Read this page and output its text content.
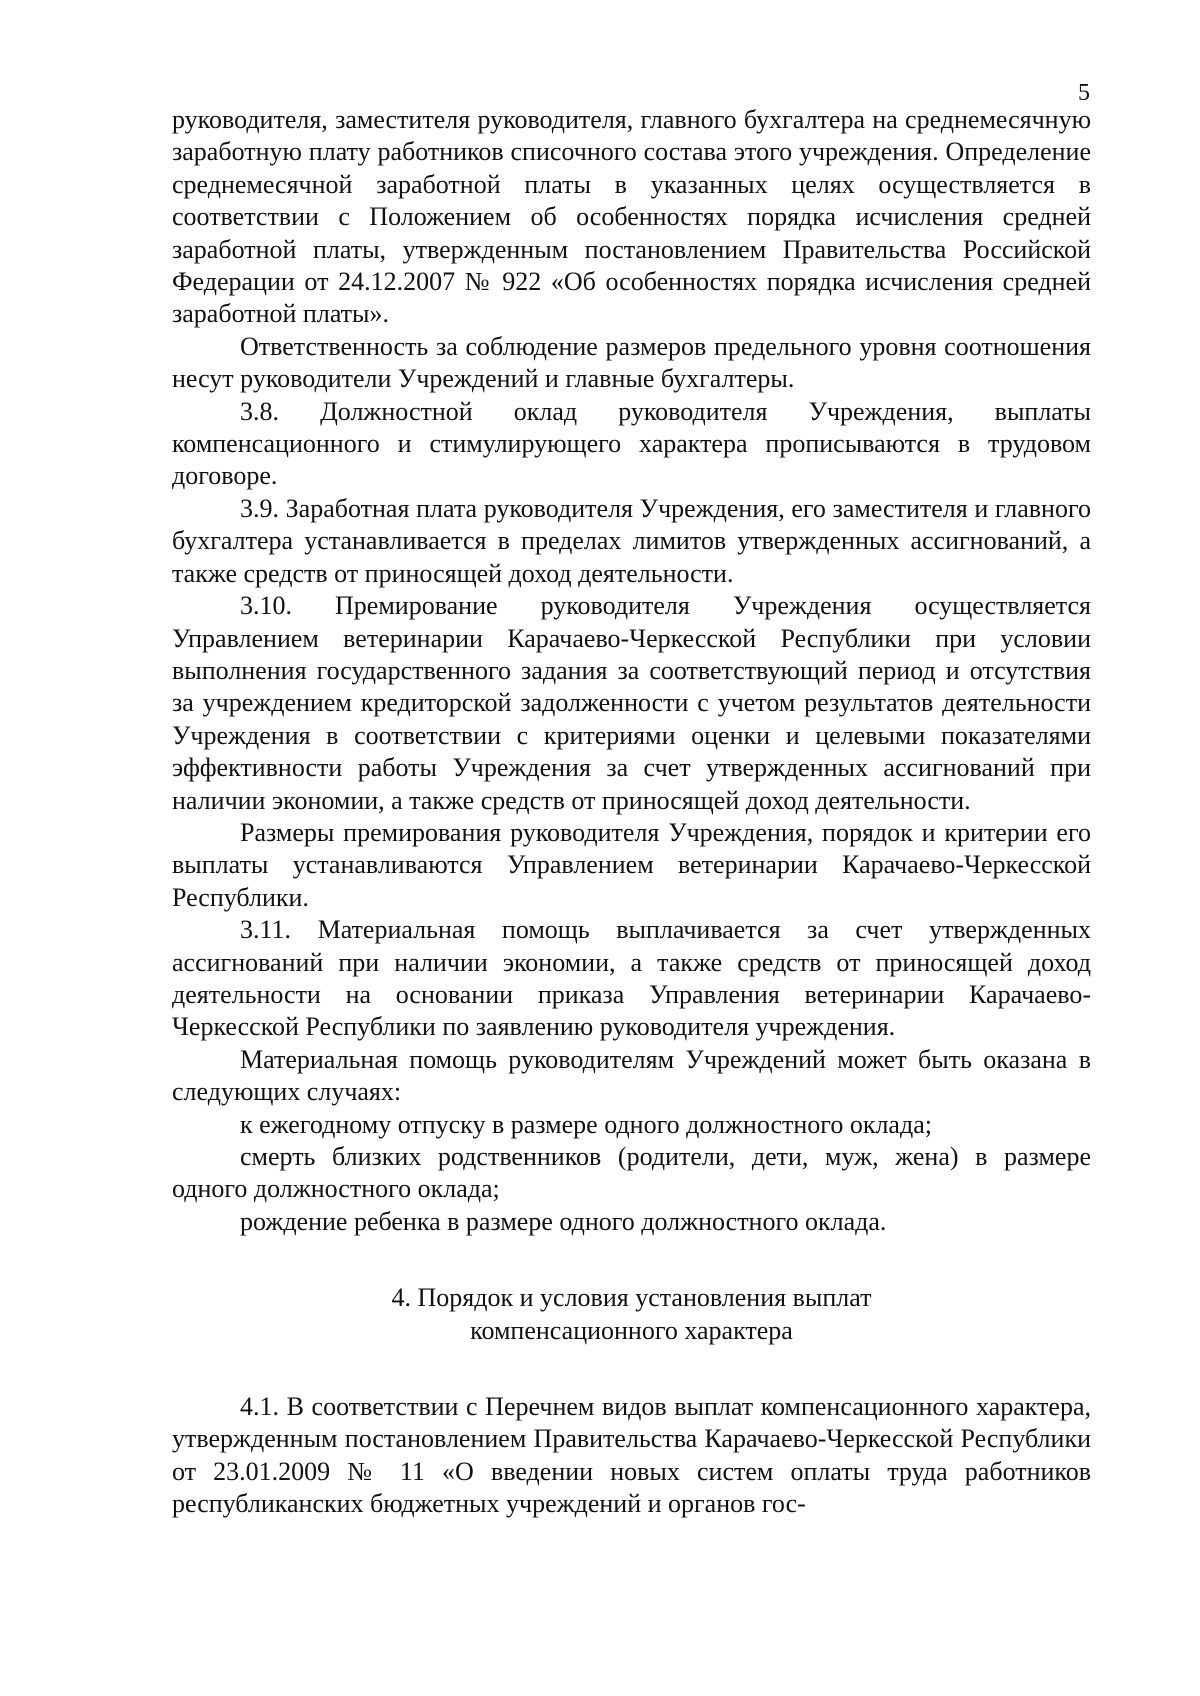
5

руководителя, заместителя руководителя, главного бухгалтера на среднемесячную заработную плату работников списочного состава этого учреждения. Определение среднемесячной заработной платы в указанных целях осуществляется в соответствии с Положением об особенностях порядка исчисления средней заработной платы, утвержденным постановлением Правительства Российской Федерации от 24.12.2007 № 922 «Об особенностях порядка исчисления средней заработной платы».

Ответственность за соблюдение размеров предельного уровня соотношения несут руководители Учреждений и главные бухгалтеры.

3.8. Должностной оклад руководителя Учреждения, выплаты компенсационного и стимулирующего характера прописываются в трудовом договоре.

3.9. Заработная плата руководителя Учреждения, его заместителя и главного бухгалтера устанавливается в пределах лимитов утвержденных ассигнований, а также средств от приносящей доход деятельности.

3.10. Премирование руководителя Учреждения осуществляется Управлением ветеринарии Карачаево-Черкесской Республики при условии выполнения государственного задания за соответствующий период и отсутствия за учреждением кредиторской задолженности с учетом результатов деятельности Учреждения в соответствии с критериями оценки и целевыми показателями эффективности работы Учреждения за счет утвержденных ассигнований при наличии экономии, а также средств от приносящей доход деятельности.

Размеры премирования руководителя Учреждения, порядок и критерии его выплаты устанавливаются Управлением ветеринарии Карачаево-Черкесской Республики.

3.11. Материальная помощь выплачивается за счет утвержденных ассигнований при наличии экономии, а также средств от приносящей доход деятельности на основании приказа Управления ветеринарии Карачаево-Черкесской Республики по заявлению руководителя учреждения.

Материальная помощь руководителям Учреждений может быть оказана в следующих случаях:

к ежегодному отпуску в размере одного должностного оклада;

смерть близких родственников (родители, дети, муж, жена) в размере одного должностного оклада;

рождение ребенка в размере одного должностного оклада.

4. Порядок и условия установления выплат
компенсационного характера

4.1. В соответствии с Перечнем видов выплат компенсационного характера, утвержденным постановлением Правительства Карачаево-Черкесской Республики от 23.01.2009 № 11 «О введении новых систем оплаты труда работников республиканских бюджетных учреждений и органов гос-
